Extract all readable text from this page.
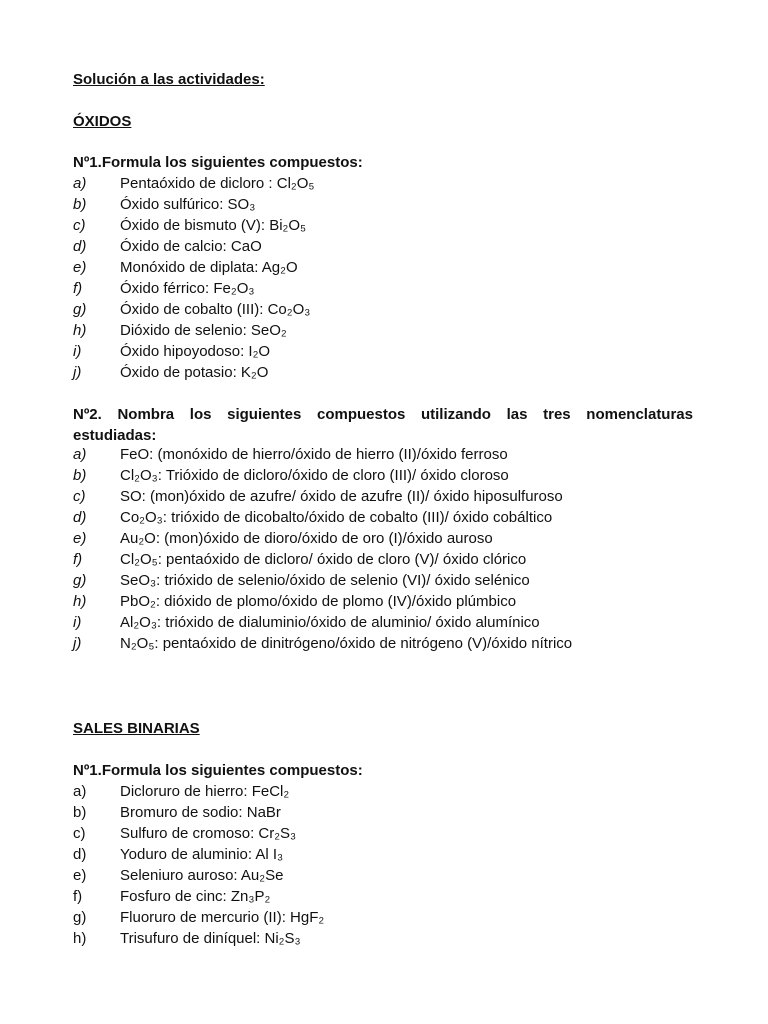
Solución a las actividades:
ÓXIDOS
Nº1.Formula los siguientes compuestos:
a) Pentaóxido de dicloro : Cl₂O₅
b) Óxido sulfúrico: SO₃
c) Óxido de bismuto (V): Bi₂O₅
d) Óxido de calcio: CaO
e) Monóxido de diplata: Ag₂O
f)	Óxido férrico: Fe₂O₃
g) Óxido de cobalto (III): Co₂O₃
h) Dióxido de selenio: SeO₂
i)	Óxido hipoyodoso: I₂O
j)	Óxido de potasio: K₂O
Nº2. Nombra los siguientes compuestos utilizando las tres nomenclaturas
estudiadas:
a) FeO: (monóxido de hierro/óxido de hierro (II)/óxido ferroso
b) Cl₂O₃: Trióxido de dicloro/óxido de cloro (III)/ óxido cloroso
c) SO: (mon)óxido de azufre/ óxido de azufre (II)/ óxido hiposulfuroso
d) Co₂O₃: trióxido de dicobalto/óxido de cobalto (III)/ óxido cobáltico
e) Au₂O: (mon)óxido de dioro/óxido de oro (I)/óxido auroso
f)	Cl₂O₅: pentaóxido de dicloro/ óxido de cloro (V)/ óxido clórico
g) SeO₃: trióxido de selenio/óxido de selenio (VI)/ óxido selénico
h) PbO₂: dióxido de plomo/óxido de plomo (IV)/óxido plúmbico
i)	Al₂O₃: trióxido de dialuminio/óxido de aluminio/ óxido alumínico
j)	N₂O₅: pentaóxido de dinitrógeno/óxido de nitrógeno (V)/óxido nítrico
SALES BINARIAS
Nº1.Formula los siguientes compuestos:
a) Dicloruro de hierro: FeCl₂
b) Bromuro de sodio: NaBr
c) Sulfuro de cromoso: Cr₂S₃
d) Yoduro de aluminio: Al I₃
e) Seleniuro auroso: Au₂Se
f)	Fosfuro de cinc: Zn₃P₂
g) Fluoruro de mercurio (II): HgF₂
h) Trisufuro de diníquel: Ni₂S₃
